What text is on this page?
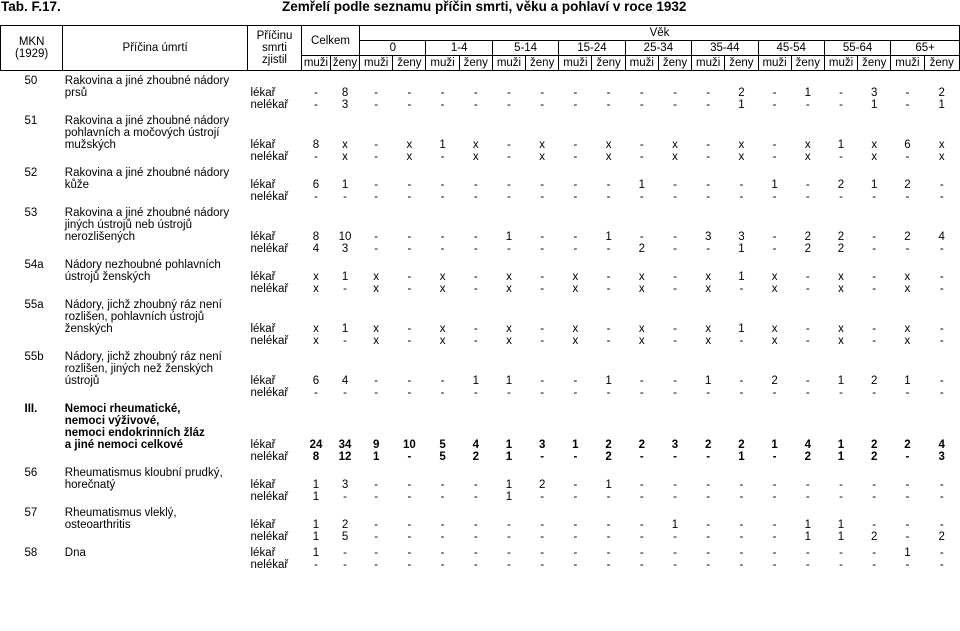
Tab. F.17.	Zemřelí podle seznamu příčin smrti, věku a pohlaví v roce 1932
MKN
(1929)	Příčina úmrtí	Příčinu
smrti
zjistil	Celkem		Věk																	
					0		1-4		5-14		15-24		25-34		35-44		45-54		55-64		65+	
			muži	ženy	muži	ženy	muži	ženy	muži	ženy	muži	ženy	muži	ženy	muži	ženy	muži	ženy	muži	ženy	muži	ženy

50	Rakovina a jiné zhoubné nádory
prsů	lékař	-	8	-	-	-	-	-	-	-	-	-	-	-	2	-	1	-	3	-	2
		nelékař	-	3	-	-	-	-	-	-	-	-	-	-	-	1	-	-	-	1	-	1

51	Rakovina a jiné zhoubné nádory
pohlavních a močových ústrojí
mužských	lékař	8	x	-	x	1	x	-	x	-	x	-	x	-	x	-	x	1	x	6	x
		nelékař	-	x	-	x	-	x	-	x	-	x	-	x	-	x	-	x	-	x	-	x

52	Rakovina a jiné zhoubné nádory
kůže	lékař	6	1	-	-	-	-	-	-	-	-	1	-	-	-	1	-	2	1	2	-
		nelékař	-	-	-	-	-	-	-	-	-	-	-	-	-	-	-	-	-	-	-	-

53	Rakovina a jiné zhoubné nádory
jiných ústrojů neb ústrojů
nerozlišených	lékař	8	10	-	-	-	-	1	-	-	1	-	-	3	3	-	2	2	-	2	4
		nelékař	4	3	-	-	-	-	-	-	-	-	2	-	-	1	-	2	2	-	-	-

54a	Nádory nezhoubné pohlavních
ústrojů ženských	lékař	x	1	x	-	x	-	x	-	x	-	x	-	x	1	x	-	x	-	x	-
		nelékař	x	-	x	-	x	-	x	-	x	-	x	-	x	-	x	-	x	-	x	-

55a	Nádory, jichž zhoubný ráz není
rozlišen, pohlavních ústrojů
ženských	lékař	x	1	x	-	x	-	x	-	x	-	x	-	x	1	x	-	x	-	x	-
		nelékař	x	-	x	-	x	-	x	-	x	-	x	-	x	-	x	-	x	-	x	-

55b	Nádory, jichž zhoubný ráz není
rozlišen, jiných než ženských ústrojů	lékař	6	4	-	-	-	1	1	-	-	1	-	-	1	-	2	-	1	2	1	-
		nelékař	-	-	-	-	-	-	-	-	-	-	-	-	-	-	-	-	-	-	-	-

III.	Nemoci rheumatické,
nemoci výživové,
nemoci endokrinních žláz
a jiné nemoci celkové	lékař	24	34	9	10	5	4	1	3	1	2	2	3	2	2	1	4	1	2	2	4
		nelékař	8	12	1	-	5	2	1	-	-	2	-	-	-	1	-	2	1	2	-	3

56	Rheumatismus kloubní prudký,
horečnatý	lékař	1	3	-	-	-	-	1	2	-	1	-	-	-	-	-	-	-	-	-	-
		nelékař	1	-	-	-	-	-	1	-	-	-	-	-	-	-	-	-	-	-	-	-

57	Rheumatismus vleklý,
osteoarthritis	lékař	1	2	-	-	-	-	-	-	-	-	-	1	-	-	-	1	1	-	-	-
		nelékař	1	5	-	-	-	-	-	-	-	-	-	-	-	-	-	1	1	2	-	2

58	Dna	lékař	1	-	-	-	-	-	-	-	-	-	-	-	-	-	-	-	-	-	1	-
		nelékař	-	-	-	-	-	-	-	-	-	-	-	-	-	-	-	-	-	-	-	-
